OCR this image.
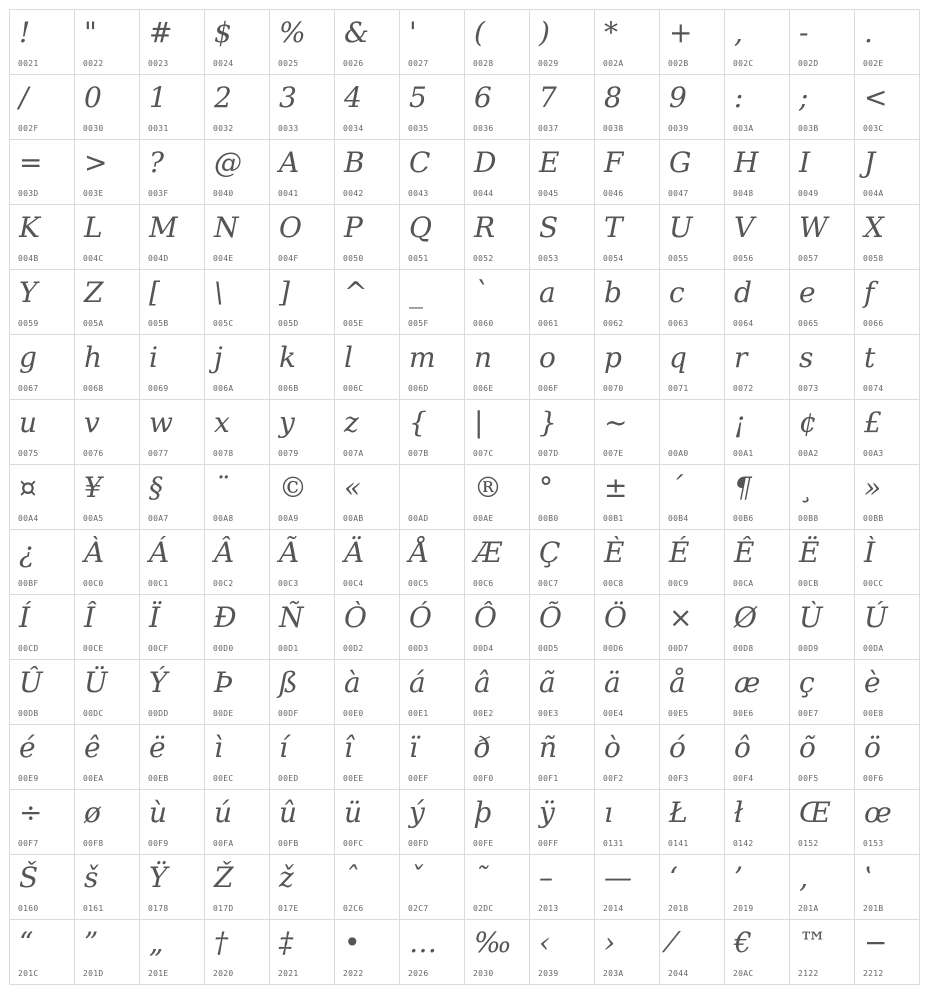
!
0021
"
0022
#
0023
$
0024
%
0025
&
0026
'
0027
(
0028
)
0029
*
002A
+
002B
,
002C
-
002D
.
002E
/
002F
0
0030
1
0031
2
0032
3
0033
4
0034
5
0035
6
0036
7
0037
8
0038
9
0039
:
003A
;
003B
<
003C
=
003D
>
003E
?
003F
@
0040
A
0041
B
0042
C
0043
D
0044
E
0045
F
0046
G
0047
H
0048
I
0049
J
004A
K
004B
L
004C
M
004D
N
004E
O
004F
P
0050
Q
0051
R
0052
S
0053
T
0054
U
0055
V
0056
W
0057
X
0058
Y
0059
Z
005A
[
005B
\
005C
]
005D
^
005E
_
005F
`
0060
a
0061
b
0062
c
0063
d
0064
e
0065
f
0066
g
0067
h
0068
i
0069
j
006A
k
006B
l
006C
m
006D
n
006E
o
006F
p
0070
q
0071
r
0072
s
0073
t
0074
u
0075
v
0076
w
0077
x
0078
y
0079
z
007A
{
007B
|
007C
}
007D
~
007E	00A0
¡
00A1
¢
00A2
£
00A3
¤
00A4
¥
00A5
§
00A7
¨
00A8
©
00A9
«
00AB	00AD
®
00AE
°
00B0
±
00B1
´
00B4
¶
00B6
¸
00B8
»
00BB
¿
00BF
À
00C0
Á
00C1
Â
00C2
Ã
00C3
Ä
00C4
Å
00C5
Æ
00C6
Ç
00C7
È
00C8
É
00C9
Ê
00CA
Ë
00CB
Ì
00CC
Í
00CD
Î
00CE
Ï
00CF
Ð
00D0
Ñ
00D1
Ò
00D2
Ó
00D3
Ô
00D4
Õ
00D5
Ö
00D6
×
00D7
Ø
00D8
Ù
00D9
Ú
00DA
Û
00DB
Ü
00DC
Ý
00DD
Þ
00DE
ß
00DF
à
00E0
á
00E1
â
00E2
ã
00E3
ä
00E4
å
00E5
æ
00E6
ç
00E7
è
00E8
é
00E9
ê
00EA
ë
00EB
ì
00EC
í
00ED
î
00EE
ï
00EF
ð
00F0
ñ
00F1
ò
00F2
ó
00F3
ô
00F4
õ
00F5
ö
00F6
÷
00F7
ø
00F8
ù
00F9
ú
00FA
û
00FB
ü
00FC
ý
00FD
þ
00FE
ÿ
00FF
ı
0131
Ł
0141
ł
0142
Œ
0152
œ
0153
Š
0160
š
0161
Ÿ
0178
Ž
017D
ž
017E
ˆ
02C6
ˇ
02C7
˜
02DC
–
2013
—
2014
‘
2018
’
2019
‚
201A
‛
201B
“
201C
”
201D
„
201E
†
2020
‡
2021
•
2022
…
2026
‰
2030
‹
2039
›
203A
⁄
2044
€
20AC
™
2122
−
2212
